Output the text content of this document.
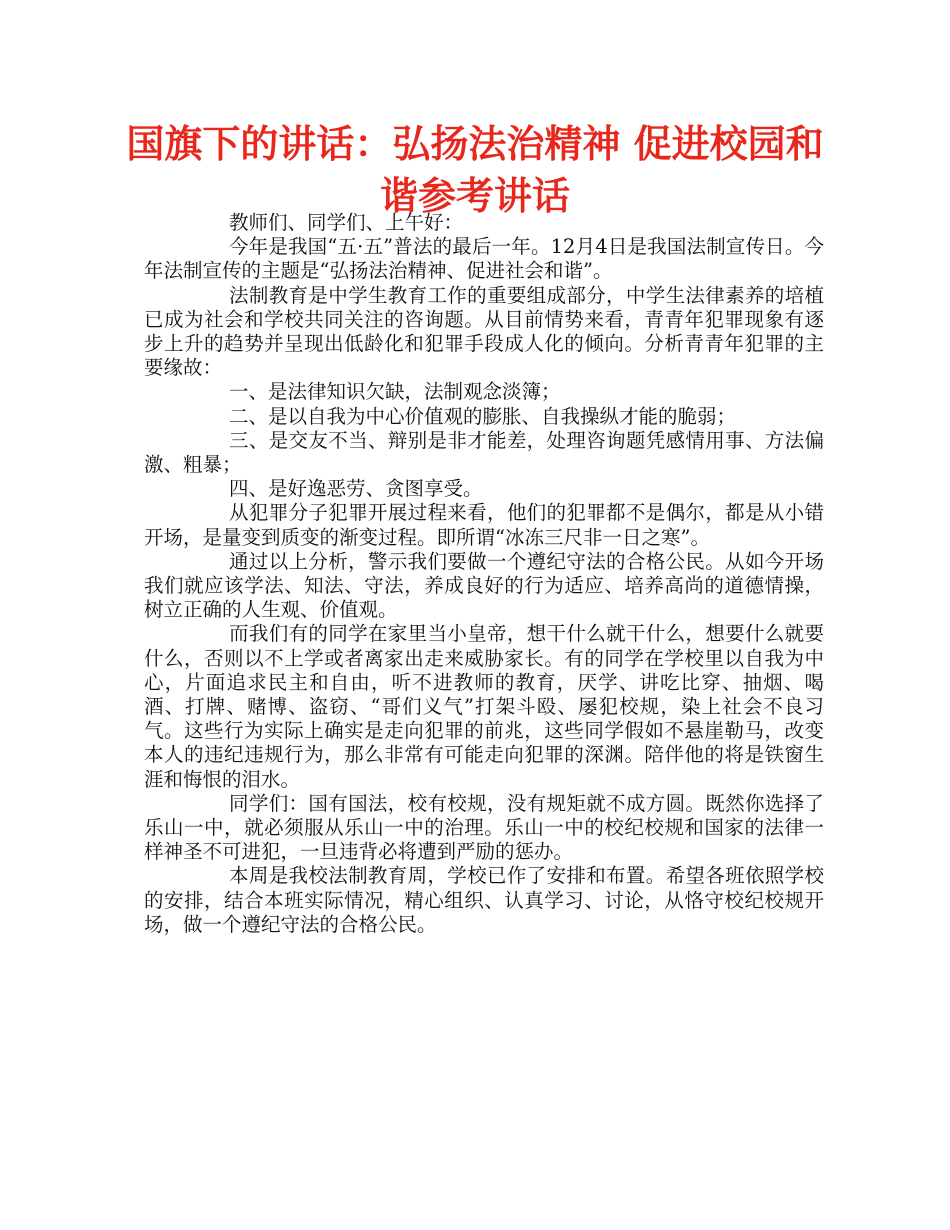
国旗下的讲话：弘扬法治精神 促进校园和谐参考讲话

教师们、同学们、上午好：

今年是我国“五·五”普法的最后一年。12月4日是我国法制宣传日。今年法制宣传的主题是“弘扬法治精神、促进社会和谐”。

法制教育是中学生教育工作的重要组成部分，中学生法律素养的培植已成为社会和学校共同关注的咨询题。从目前情势来看，青青年犯罪现象有逐步上升的趋势并呈现出低龄化和犯罪手段成人化的倾向。分析青青年犯罪的主要缘故：

一、是法律知识欠缺，法制观念淡簿；

二、是以自我为中心价值观的膨胀、自我操纵才能的脆弱；

三、是交友不当、辩别是非才能差，处理咨询题凭感情用事、方法偏激、粗暴；

四、是好逸恶劳、贪图享受。

从犯罪分子犯罪开展过程来看，他们的犯罪都不是偶尔，都是从小错开场，是量变到质变的渐变过程。即所谓“冰冻三尺非一日之寒”。

通过以上分析，警示我们要做一个遵纪守法的合格公民。从如今开场我们就应该学法、知法、守法，养成良好的行为适应、培养高尚的道德情操，树立正确的人生观、价值观。

而我们有的同学在家里当小皇帝，想干什么就干什么，想要什么就要什么，否则以不上学或者离家出走来威胁家长。有的同学在学校里以自我为中心，片面追求民主和自由，听不进教师的教育，厌学、讲吃比穿、抽烟、喝酒、打牌、赌博、盗窃、“哥们义气”打架斗殴、屡犯校规，染上社会不良习气。这些行为实际上确实是走向犯罪的前兆，这些同学假如不悬崖勒马，改变本人的违纪违规行为，那么非常有可能走向犯罪的深渊。陪伴他的将是铁窗生涯和悔恨的泪水。

同学们：国有国法，校有校规，没有规矩就不成方圆。既然你选择了乐山一中，就必须服从乐山一中的治理。乐山一中的校纪校规和国家的法律一样神圣不可进犯，一旦违背必将遭到严励的惩办。

本周是我校法制教育周，学校已作了安排和布置。希望各班依照学校的安排，结合本班实际情况，精心组织、认真学习、讨论，从恪守校纪校规开场，做一个遵纪守法的合格公民。
